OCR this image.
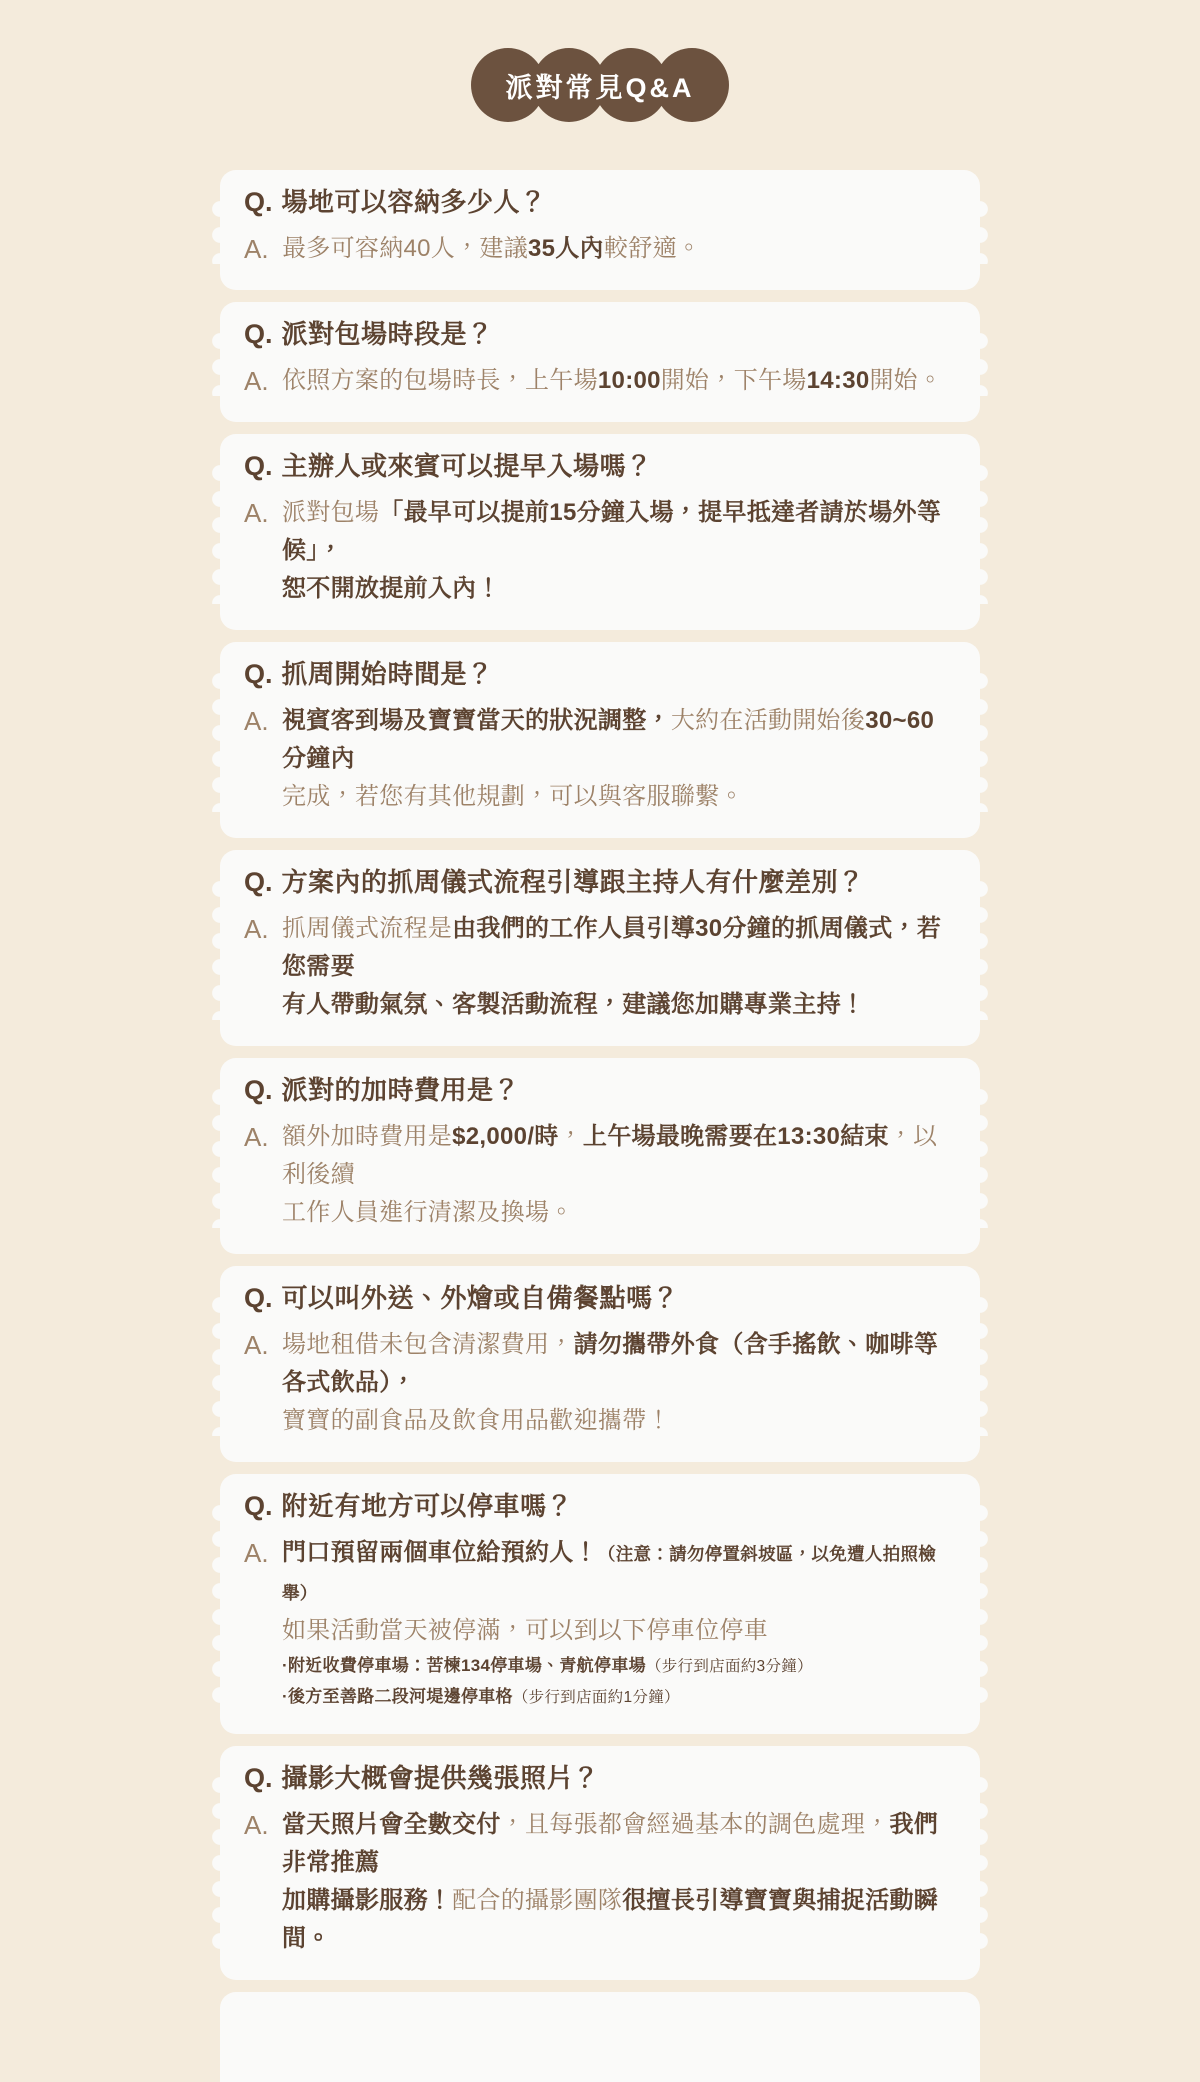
派對常見Q&A
Q. 場地可以容納多少人？
A. 最多可容納40人，建議35人內較舒適。

Q. 派對包場時段是？
A. 依照方案的包場時長，上午場10:00開始，下午場14:30開始。

Q. 主辦人或來賓可以提早入場嗎？
A. 派對包場「最早可以提前15分鐘入場，提早抵達者請於場外等候」，

恕不開放提前入內！

Q. 抓周開始時間是？
A. 視賓客到場及寶寶當天的狀況調整，大約在活動開始後30~60分鐘內

完成，若您有其他規劃，可以與客服聯繫。

Q. 方案內的抓周儀式流程引導跟主持人有什麼差別？
A. 抓周儀式流程是由我們的工作人員引導30分鐘的抓周儀式，若您需要

有人帶動氣氛、客製活動流程，建議您加購專業主持！

Q. 派對的加時費用是？
A. 額外加時費用是$2,000/時，上午場最晚需要在13:30結束，以利後續

工作人員進行清潔及換場。

Q. 可以叫外送、外燴或自備餐點嗎？
A. 場地租借未包含清潔費用，請勿攜帶外食（含手搖飲、咖啡等各式飲品），

寶寶的副食品及飲食用品歡迎攜帶！

Q. 附近有地方可以停車嗎？
A. 門口預留兩個車位給預約人！（注意：請勿停置斜坡區，以免遭人拍照檢舉）

如果活動當天被停滿，可以到以下停車位停車

·附近收費停車場：苦楝134停車場、青航停車場（步行到店面約3分鐘）

·後方至善路二段河堤邊停車格（步行到店面約1分鐘）

Q. 攝影大概會提供幾張照片？
A. 當天照片會全數交付，且每張都會經過基本的調色處理，我們非常推薦

加購攝影服務！配合的攝影團隊很擅長引導寶寶與捕捉活動瞬間。
